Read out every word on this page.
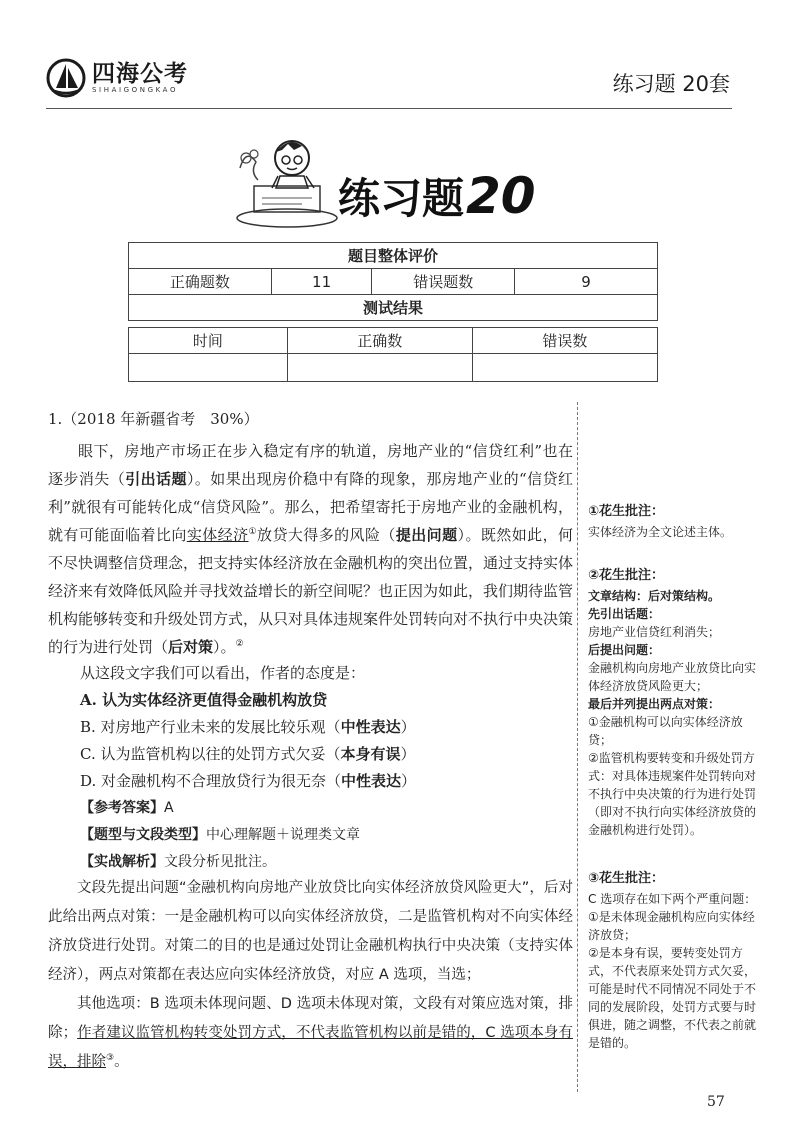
四海公考
SIHAIGONGKAO	练习题 20套
练习题20
题目整体评价
正确题数	11	错误题数	9
测试结果
时间	正确数	错误数

1.（2018 年新疆省考　30%）

眼下，房地产市场正在步入稳定有序的轨道，房地产业的“信贷红利”也在逐步消失（引出话题）。如果出现房价稳中有降的现象，那房地产业的“信贷红利”就很有可能转化成“信贷风险”。那么，把希望寄托于房地产业的金融机构，就有可能面临着比向实体经济①放贷大得多的风险（提出问题）。既然如此，何不尽快调整信贷理念，把支持实体经济放在金融机构的突出位置，通过支持实体经济来有效降低风险并寻找效益增长的新空间呢？也正因为如此，我们期待监管机构能够转变和升级处罚方式，从只对具体违规案件处罚转向对不执行中央决策的行为进行处罚（后对策）。②

从这段文字我们可以看出，作者的态度是：
A. 认为实体经济更值得金融机构放贷
B. 对房地产行业未来的发展比较乐观（中性表达）
C. 认为监管机构以往的处罚方式欠妥（本身有误）
D. 对金融机构不合理放贷行为很无奈（中性表达）
【参考答案】A
【题型与文段类型】中心理解题＋说理类文章
【实战解析】文段分析见批注。

文段先提出问题“金融机构向房地产业放贷比向实体经济放贷风险更大”，后对此给出两点对策：一是金融机构可以向实体经济放贷，二是监管机构对不向实体经济放贷进行处罚。对策二的目的也是通过处罚让金融机构执行中央决策（支持实体经济），两点对策都在表达应向实体经济放贷，对应 A 选项，当选；

其他选项：B 选项未体现问题、D 选项未体现对策，文段有对策应选对策，排除；作者建议监管机构转变处罚方式，不代表监管机构以前是错的，C 选项本身有误，排除③。

①花生批注：
实体经济为全文论述主体。
②花生批注：
文章结构：后对策结构。
先引出话题：
房地产业信贷红利消失；
后提出问题：
金融机构向房地产业放贷比向实体经济放贷风险更大；
最后并列提出两点对策：
①金融机构可以向实体经济放贷；
②监管机构要转变和升级处罚方式：对具体违规案件处罚转向对不执行中央决策的行为进行处罚（即对不执行向实体经济放贷的金融机构进行处罚）。
③花生批注：
C 选项存在如下两个严重问题：
①是未体现金融机构应向实体经济放贷；
②是本身有误，要转变处罚方式，不代表原来处罚方式欠妥，可能是时代不同情况不同处于不同的发展阶段，处罚方式要与时俱进，随之调整，不代表之前就是错的。
57
